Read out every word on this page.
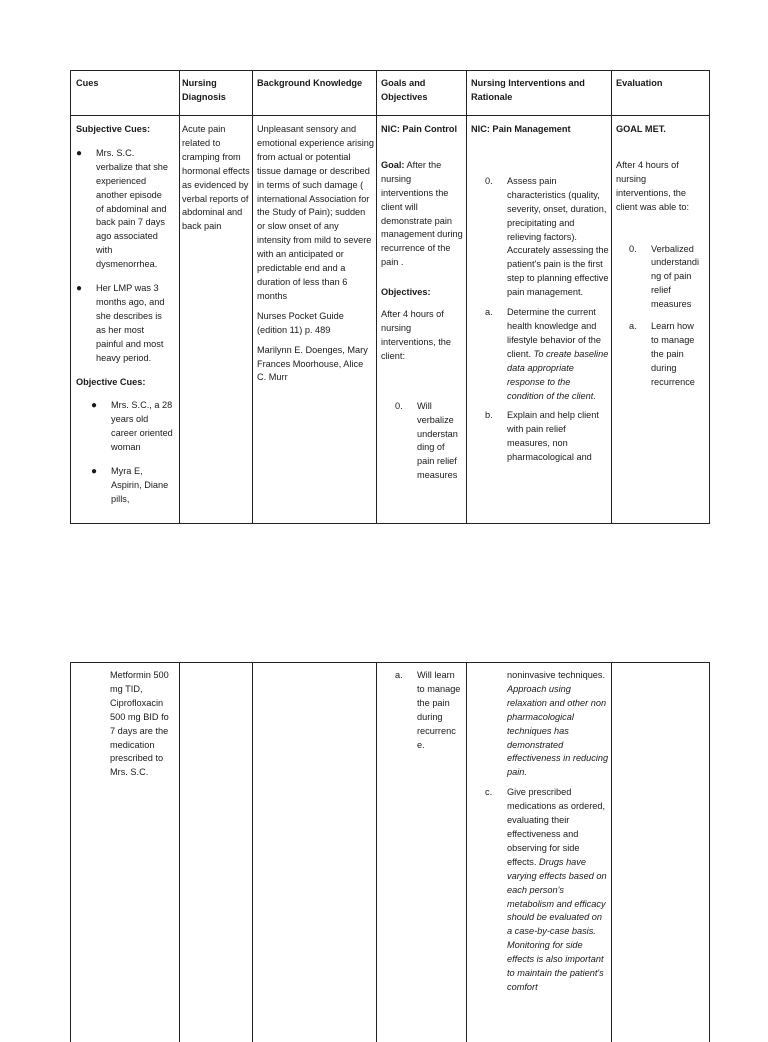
Cues	Nursing Diagnosis
Background Knowledge	Goals and Objectives
Nursing Interventions and Rationale
Evaluation

Subjective Cues:

● Mrs. S.C. verbalize that she experienced another episode of abdominal and back pain 7 days ago associated with dysmenorrhea.
● Her LMP was 3 months ago, and she describes is as her most painful and most heavy period.

Objective Cues:

● Mrs. S.C., a 28 years old career oriented woman
● Myra E, Aspirin, Diane pills,
Acute pain related to cramping from hormonal effects as evidenced by verbal reports of abdominal and back pain

Unpleasant sensory and emotional experience arising from actual or potential tissue damage or described in terms of such damage ( international Association for the Study of Pain); sudden or slow onset of any intensity from mild to severe with an anticipated or predictable end and a duration of less than 6 months

Nurses Pocket Guide (edition 11) p. 489

Marilynn E. Doenges, Mary Frances Moorhouse, Alice C. Murr

NIC: Pain Control

Goal: After the nursing interventions the client will demonstrate pain management during recurrence of the pain .

Objectives:

After 4 hours of nursing interventions, the client:

0. Will verbalize understan ding of pain relief measures

NIC: Pain Management

0. Assess pain characteristics (quality, severity, onset, duration, precipitating and relieving factors). Accurately assessing the patient's pain is the first step to planning effective pain management.
a. Determine the current health knowledge and lifestyle behavior of the client. To create baseline data appropriate response to the condition of the client.
b. Explain and help client with pain relief measures, non pharmacological and

GOAL MET.

After 4 hours of nursing interventions, the client was able to:

0. Verbalized understandi ng of pain relief measures
a. Learn how to manage the pain during recurrence
Metformin 500 mg TID, Ciprofloxacin 500 mg BID fo 7 days are the medication prescribed to Mrs. S.C.
a. Will learn to manage the pain during recurrenc e.
noninvasive techniques. Approach using relaxation and other non pharmacological techniques has demonstrated effectiveness in reducing pain.
c. Give prescribed medications as ordered, evaluating their effectiveness and observing for side effects. Drugs have varying effects based on each person's metabolism and efficacy should be evaluated on a case-by-case basis. Monitoring for side effects is also important to maintain the patient's comfort
